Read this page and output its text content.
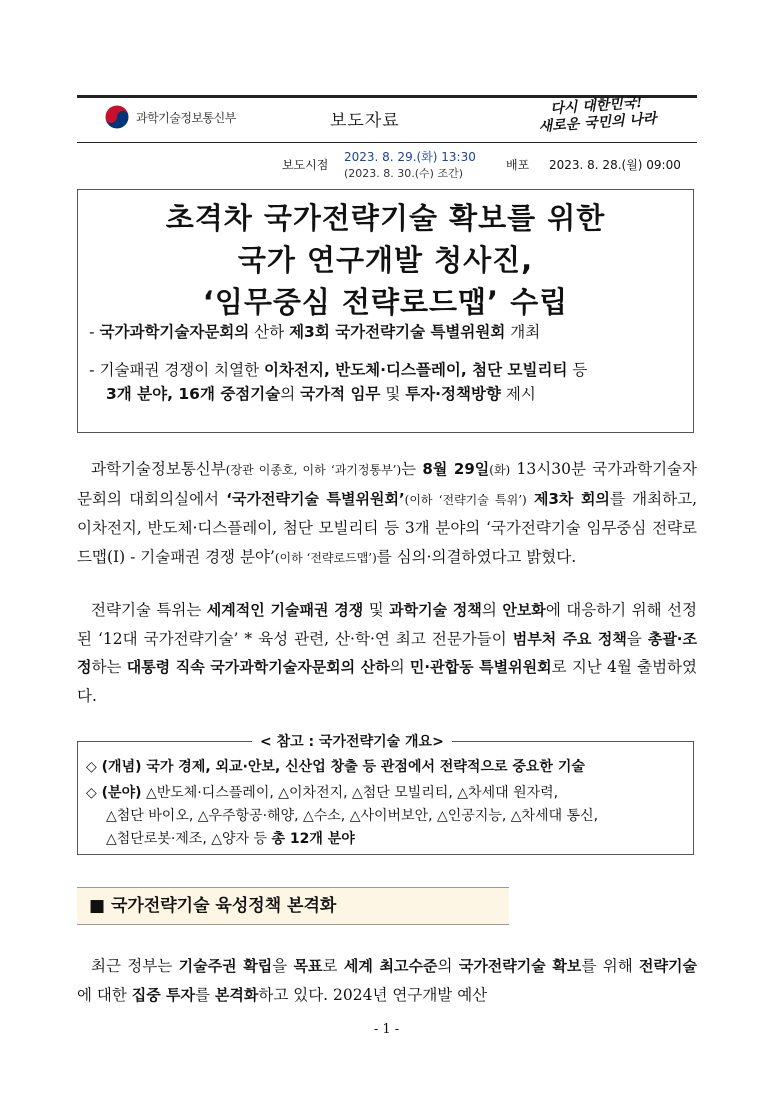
과학기술정보통신부	보도자료
다시 대한민국!
새로운 국민의 나라
보도시점
2023. 8. 29.(화) 13:30
(2023. 8. 30.(수) 조간)
배포 2023. 8. 28.(월) 09:00
초격차 국가전략기술 확보를 위한
국가 연구개발 청사진,
‘임무중심 전략로드맵’ 수립
- 국가과학기술자문회의 산하 제3회 국가전략기술 특별위원회 개최
- 기술패권 경쟁이 치열한 이차전지, 반도체·디스플레이, 첨단 모빌리티 등
3개 분야, 16개 중점기술의 국가적 임무 및 투자·정책방향 제시
과학기술정보통신부(장관 이종호, 이하 ‘과기정통부’)는 8월 29일(화) 13시30분 국가과학기술자문회의 대회의실에서 ‘국가전략기술 특별위원회’(이하 ‘전략기술 특위’) 제3차 회의를 개최하고, 이차전지, 반도체·디스플레이, 첨단 모빌리티 등 3개 분야의 ‘국가전략기술 임무중심 전략로드맵(Ⅰ) - 기술패권 경쟁 분야’(이하 ‘전략로드맵’)를 심의·의결하였다고 밝혔다.
전략기술 특위는 세계적인 기술패권 경쟁 및 과학기술 정책의 안보화에 대응하기 위해 선정된 ‘12대 국가전략기술’ * 육성 관련, 산·학·연 최고 전문가들이 범부처 주요 정책을 총괄·조정하는 대통령 직속 국가과학기술자문회의 산하의 민·관합동 특별위원회로 지난 4월 출범하였다.
< 참고 : 국가전략기술 개요>
◇ (개념) 국가 경제, 외교·안보, 신산업 창출 등 관점에서 전략적으로 중요한 기술
◇ (분야) △반도체·디스플레이, △이차전지, △첨단 모빌리티, △차세대 원자력,
△첨단 바이오, △우주항공·해양, △수소, △사이버보안, △인공지능, △차세대 통신,
△첨단로봇·제조, △양자 등 총 12개 분야
■ 국가전략기술 육성정책 본격화
최근 정부는 기술주권 확립을 목표로 세계 최고수준의 국가전략기술 확보를 위해 전략기술에 대한 집중 투자를 본격화하고 있다. 2024년 연구개발 예산
- 1 -
